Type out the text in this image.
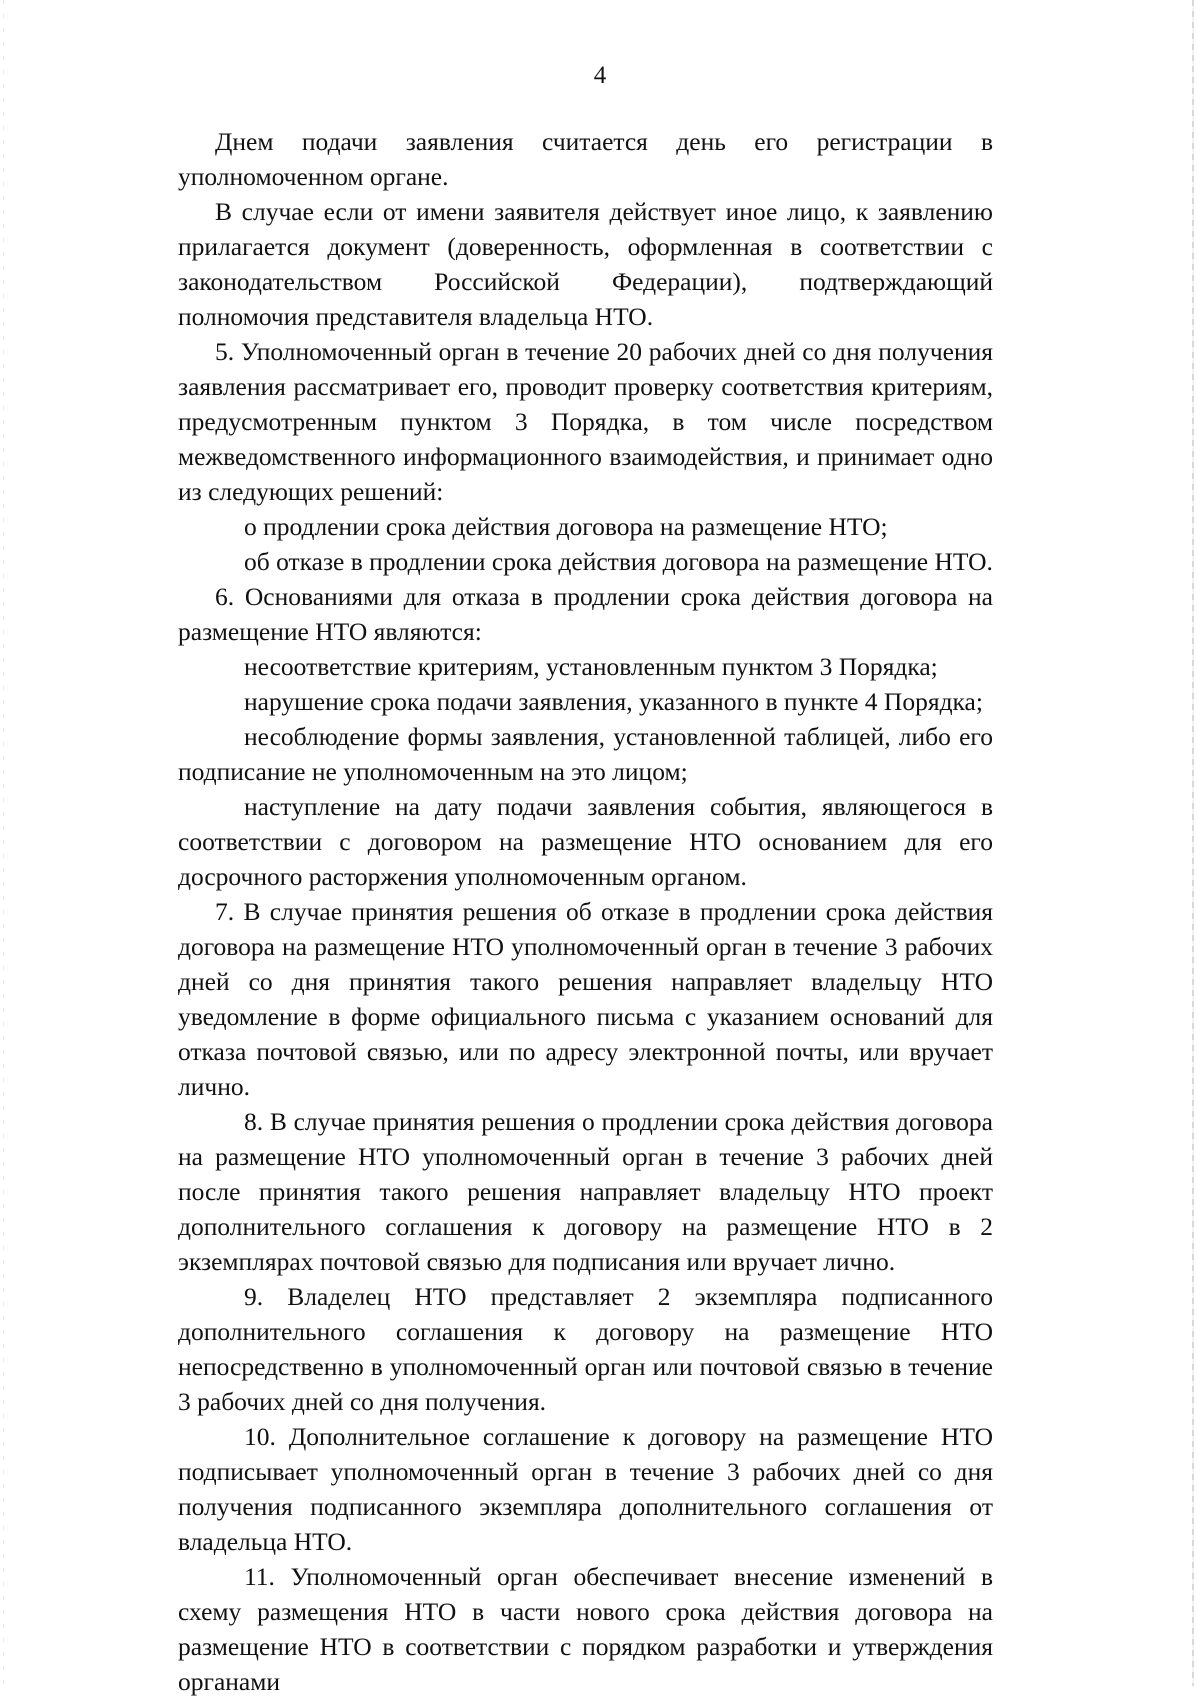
4

Днем подачи заявления считается день его регистрации в уполномоченном органе.

В случае если от имени заявителя действует иное лицо, к заявлению прилагается документ (доверенность, оформленная в соответствии с законодательством Российской Федерации), подтверждающий полномочия представителя владельца НТО.

5. Уполномоченный орган в течение 20 рабочих дней со дня получения заявления рассматривает его, проводит проверку соответствия критериям, предусмотренным пунктом 3 Порядка, в том числе посредством межведомственного информационного взаимодействия, и принимает одно из следующих решений:

о продлении срока действия договора на размещение НТО;

об отказе в продлении срока действия договора на размещение НТО.

6. Основаниями для отказа в продлении срока действия договора на размещение НТО являются:

несоответствие критериям, установленным пунктом 3 Порядка;

нарушение срока подачи заявления, указанного в пункте 4 Порядка;

несоблюдение формы заявления, установленной таблицей, либо его подписание не уполномоченным на это лицом;

наступление на дату подачи заявления события, являющегося в соответствии с договором на размещение НТО основанием для его досрочного расторжения уполномоченным органом.

7. В случае принятия решения об отказе в продлении срока действия договора на размещение НТО уполномоченный орган в течение 3 рабочих дней со дня принятия такого решения направляет владельцу НТО уведомление в форме официального письма с указанием оснований для отказа почтовой связью, или по адресу электронной почты, или вручает лично.

8. В случае принятия решения о продлении срока действия договора на размещение НТО уполномоченный орган в течение 3 рабочих дней после принятия такого решения направляет владельцу НТО проект дополнительного соглашения к договору на размещение НТО в 2 экземплярах почтовой связью для подписания или вручает лично.

9. Владелец НТО представляет 2 экземпляра подписанного дополнительного соглашения к договору на размещение НТО непосредственно в уполномоченный орган или почтовой связью в течение 3 рабочих дней со дня получения.

10. Дополнительное соглашение к договору на размещение НТО подписывает уполномоченный орган в течение 3 рабочих дней со дня получения подписанного экземпляра дополнительного соглашения от владельца НТО.

11. Уполномоченный орган обеспечивает внесение изменений в схему размещения НТО в части нового срока действия договора на размещение НТО в соответствии с порядком разработки и утверждения органами
